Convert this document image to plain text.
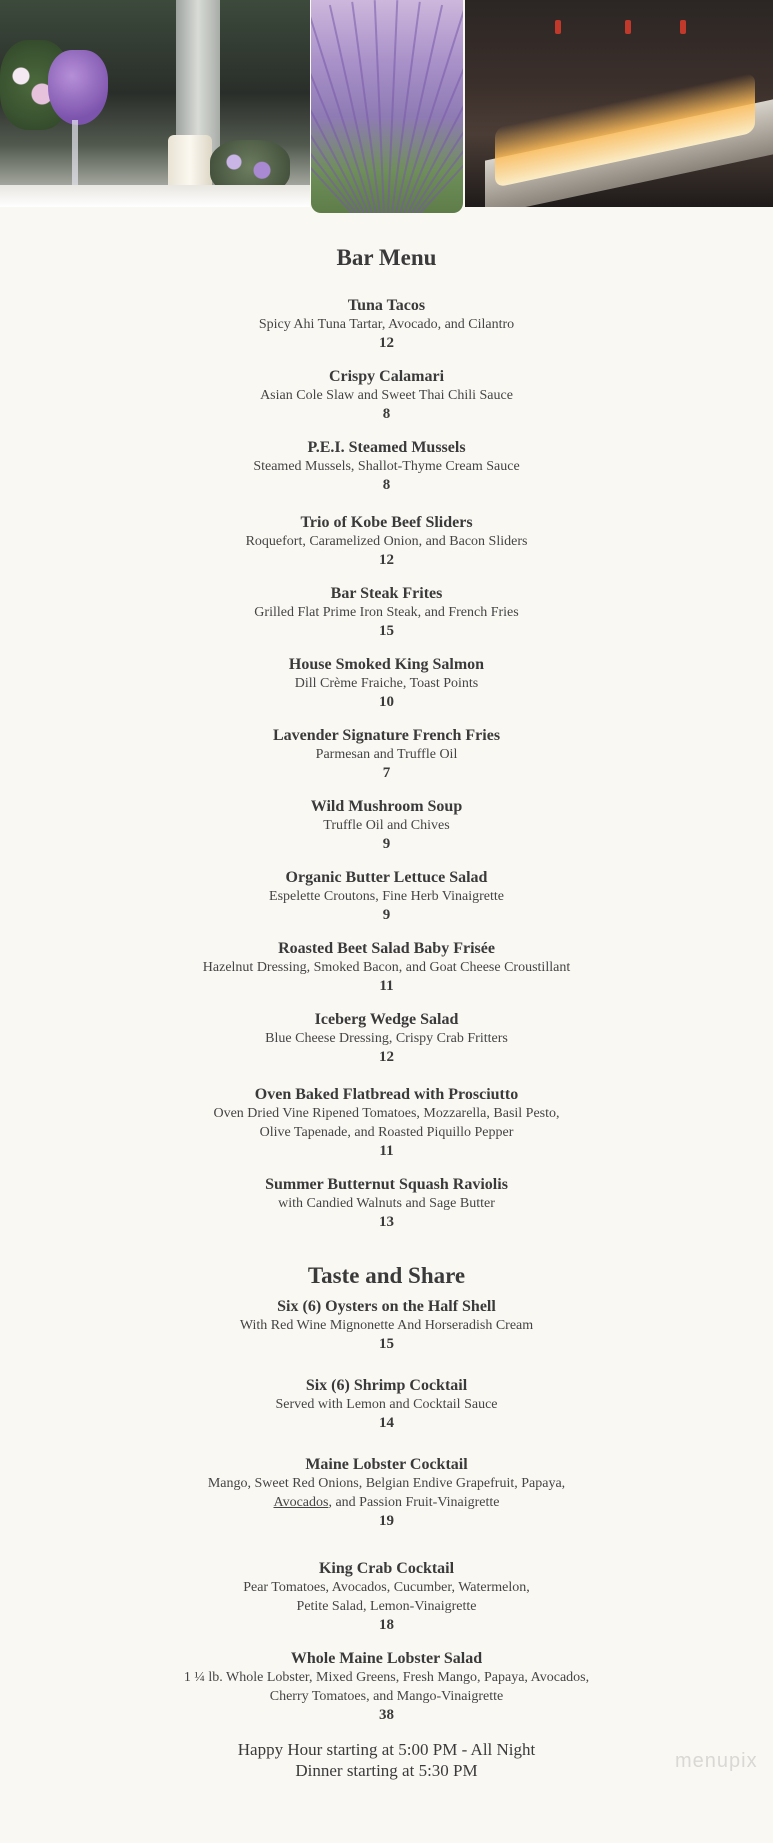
Bar Menu
Tuna Tacos
Spicy Ahi Tuna Tartar, Avocado, and Cilantro
12
Crispy Calamari
Asian Cole Slaw and Sweet Thai Chili Sauce
8
P.E.I. Steamed Mussels
Steamed Mussels, Shallot-Thyme Cream Sauce
8
Trio of Kobe Beef Sliders
Roquefort, Caramelized Onion, and Bacon Sliders
12
Bar Steak Frites
Grilled Flat Prime Iron Steak, and French Fries
15
House Smoked King Salmon
Dill Crème Fraiche, Toast Points
10
Lavender Signature French Fries
Parmesan and Truffle Oil
7
Wild Mushroom Soup
Truffle Oil and Chives
9
Organic Butter Lettuce Salad
Espelette Croutons, Fine Herb Vinaigrette
9
Roasted Beet Salad Baby Frisée
Hazelnut Dressing, Smoked Bacon, and Goat Cheese Croustillant
11
Iceberg Wedge Salad
Blue Cheese Dressing, Crispy Crab Fritters
12
Oven Baked Flatbread with Prosciutto
Oven Dried Vine Ripened Tomatoes, Mozzarella, Basil Pesto,
Olive Tapenade, and Roasted Piquillo Pepper
11
Summer Butternut Squash Raviolis
with Candied Walnuts and Sage Butter
13
Taste and Share
Six (6) Oysters on the Half Shell
With Red Wine Mignonette And Horseradish Cream
15
Six (6) Shrimp Cocktail
Served with Lemon and Cocktail Sauce
14
Maine Lobster Cocktail
Mango, Sweet Red Onions, Belgian Endive Grapefruit, Papaya,
Avocados, and Passion Fruit-Vinaigrette
19
King Crab Cocktail
Pear Tomatoes, Avocados, Cucumber, Watermelon,
Petite Salad, Lemon-Vinaigrette
18
Whole Maine Lobster Salad
1 ¼ lb. Whole Lobster, Mixed Greens, Fresh Mango, Papaya, Avocados,
Cherry Tomatoes, and Mango-Vinaigrette
38
Happy Hour starting at 5:00 PM - All Night
Dinner starting at 5:30 PM	menupix
